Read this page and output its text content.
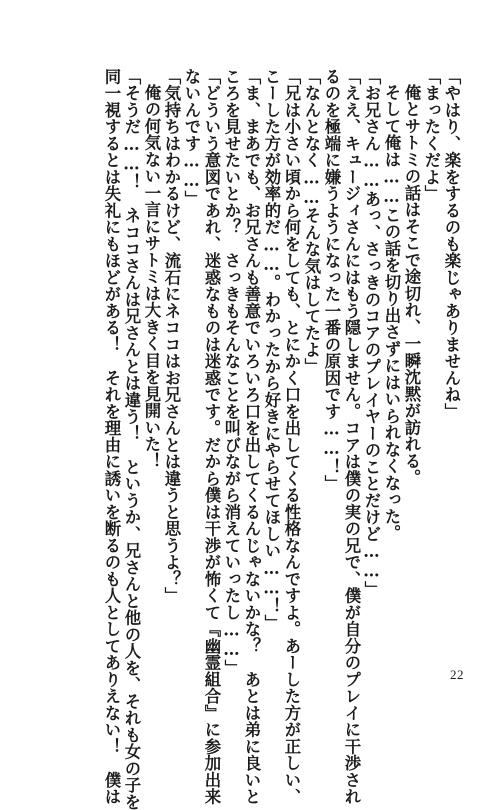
「やはり、楽をするのも楽じゃありませんね」
「まったくだよ」
俺とサトミの話はそこで途切れ、一瞬沈黙が訪れる。
そして俺は……この話を切り出さずにはいられなくなった。
「お兄さん……あっ、さっきのコアのプレイヤーのことだけど……」
「ええ、キュージィさんにはもう隠しません。コアは僕の実の兄で、僕が自分のプレイに干渉され
るのを極端に嫌うようになった一番の原因です……！」
「なんとなく……そんな気はしてたよ」
「兄は小さい頃から何をしても、とにかく口を出してくる性格なんですよ。あーした方が正しい、
こーした方が効率的だ……。わかったから好きにやらせてほしい……！」
「ま、まあでも、お兄さんも善意でいろいろ口を出してくるんじゃないかな？　あとは弟に良いと
ころを見せたいとか？　さっきもそんなことを叫びながら消えていったし……」
「どういう意図であれ、迷惑なものは迷惑です。だから僕は干渉が怖くて『幽霊組合』に参加出来
ないんです……」
「気持ちはわかるけど、流石にネココはお兄さんとは違うと思うよ？」
俺の何気ない一言にサトミは大きく目を見開いた！
「そうだ……！　ネココさんは兄さんとは違う！　というか、兄さんと他の人を、それも女の子を
同一視するとは失礼にもほどがある！　それを理由に誘いを断るのも人としてありえない！　僕は	22
